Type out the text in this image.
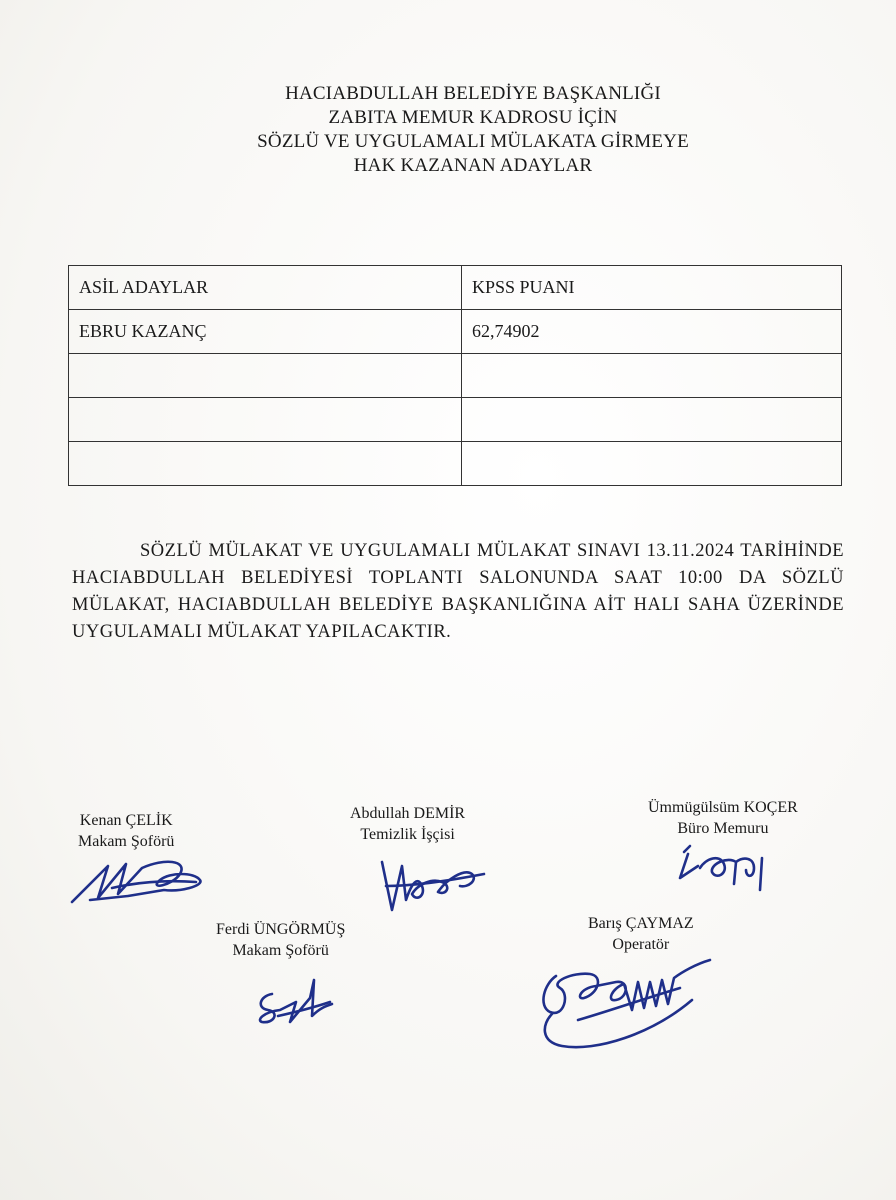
HACIABDULLAH BELEDİYE BAŞKANLIĞI
ZABITA MEMUR KADROSU İÇİN
SÖZLÜ VE UYGULAMALI MÜLAKATA GİRMEYE
HAK KAZANAN ADAYLAR
ASİL ADAYLAR	KPSS PUANI
EBRU KAZANÇ	62,74902

SÖZLÜ MÜLAKAT VE UYGULAMALI MÜLAKAT SINAVI 13.11.2024 TARİHİNDE HACIABDULLAH BELEDİYESİ TOPLANTI SALONUNDA SAAT 10:00 DA SÖZLÜ MÜLAKAT, HACIABDULLAH BELEDİYE BAŞKANLIĞINA AİT HALI SAHA ÜZERİNDE UYGULAMALI MÜLAKAT YAPILACAKTIR.
Kenan ÇELİK
Makam Şoförü
Abdullah DEMİR
Temizlik İşçisi
Ümmügülsüm KOÇER
Büro Memuru
Ferdi ÜNGÖRMÜŞ
Makam Şoförü
Barış ÇAYMAZ
Operatör
